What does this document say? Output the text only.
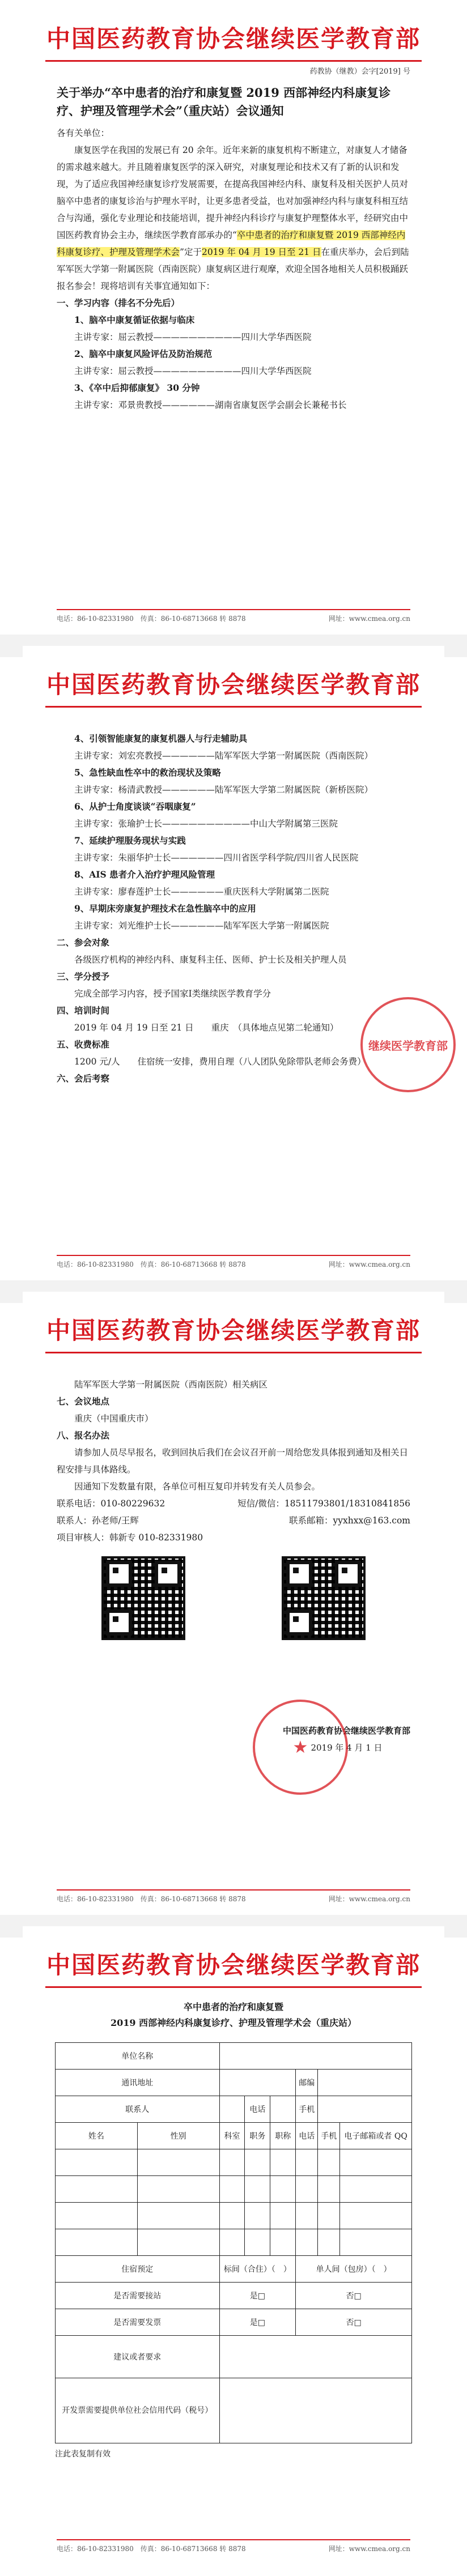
中国医药教育协会继续医学教育部
药教协（继教）会字[2019] 号
关于举办“卒中患者的治疗和康复暨 2019 西部神经内科康复诊疗、护理及管理学术会”（重庆站）会议通知

各有关单位：

康复医学在我国的发展已有 20 余年。近年来新的康复机构不断建立，对康复人才储备的需求越来越大。并且随着康复医学的深入研究，对康复理论和技术又有了新的认识和发现，为了适应我国神经康复诊疗发展需要，在提高我国神经内科、康复科及相关医护人员对脑卒中患者的康复诊治与护理水平时，让更多患者受益，也对加强神经内科与康复科相互结合与沟通，强化专业理论和技能培训，提升神经内科诊疗与康复护理整体水平，经研究由中国医药教育协会主办，继续医学教育部承办的“卒中患者的治疗和康复暨 2019 西部神经内科康复诊疗、护理及管理学术会”定于2019 年 04 月 19 日至 21 日在重庆举办，会后到陆军军医大学第一附属医院（西南医院）康复病区进行观摩，欢迎全国各地相关人员积极踊跃报名参会！现将培训有关事宜通知如下：

一、学习内容（排名不分先后）

1、脑卒中康复循证依据与临床

主讲专家：屈云教授——————————四川大学华西医院

2、脑卒中康复风险评估及防治规范

主讲专家：屈云教授——————————四川大学华西医院

3、《卒中后抑郁康复》 30 分钟

主讲专家：邓景贵教授——————湖南省康复医学会副会长兼秘书长

电话：86-10-82331980　传真：86-10-68713668 转 8878	网址：www.cmea.org.cn
中国医药教育协会继续医学教育部

4、引领智能康复的康复机器人与行走辅助具

主讲专家：刘宏亮教授——————陆军军医大学第一附属医院（西南医院）

5、急性缺血性卒中的救治现状及策略

主讲专家：杨清武教授——————陆军军医大学第二附属医院（新桥医院）

6、从护士角度谈谈“吞咽康复”

主讲专家：张瑜护士长——————————中山大学附属第三医院

7、延续护理服务现状与实践

主讲专家：朱丽华护士长——————四川省医学科学院/四川省人民医院

8、AIS 患者介入治疗护理风险管理

主讲专家：廖春莲护士长——————重庆医科大学附属第二医院

9、早期床旁康复护理技术在急性脑卒中的应用

主讲专家：刘光维护士长——————陆军军医大学第一附属医院

二、参会对象

各级医疗机构的神经内科、康复科主任、医师、护士长及相关护理人员

三、学分授予

完成全部学习内容，授予国家Ⅰ类继续医学教育学分

四、培训时间

2019 年 04 月 19 日至 21 日　　重庆　（具体地点见第二轮通知）

五、收费标准

1200 元/人　　住宿统一安排，费用自理（八人团队免除带队老师会务费）

六、会后考察

继续医学教育部
电话：86-10-82331980　传真：86-10-68713668 转 8878	网址：www.cmea.org.cn
中国医药教育协会继续医学教育部

陆军军医大学第一附属医院（西南医院）相关病区

七、会议地点

重庆（中国重庆市）

八、报名办法

请参加人员尽早报名，收到回执后我们在会议召开前一周给您发具体报到通知及相关日程安排与具体路线。

因通知下发数量有限，各单位可相互复印并转发有关人员参会。

联系电话：010-80229632	短信/微信：18511793801/18310841856

联系人：孙老师/王辉	联系邮箱：yyxhxx@163.com

项目审核人：韩新专 010-82331980

中国医药教育协会继续医学教育部
2019 年 4 月 1 日
★
电话：86-10-82331980　传真：86-10-68713668 转 8878	网址：www.cmea.org.cn
中国医药教育协会继续医学教育部
卒中患者的治疗和康复暨
2019 西部神经内科康复诊疗、护理及管理学术会（重庆站）
单位名称							
通讯地址					邮编		
联系人			电话		手机		
姓名	性别	科室	职务	职称	电话	手机	电子邮箱或者 QQ

住宿预定		标间（合住）（　）			单人间（包房）（　）		
是否需要接站		是□			否□		
是否需要发票		是□			否□		
建议或者要求							
开发票需要提供单位社会信用代码（税号）							
注此表复制有效
电话：86-10-82331980　传真：86-10-68713668 转 8878	网址：www.cmea.org.cn
